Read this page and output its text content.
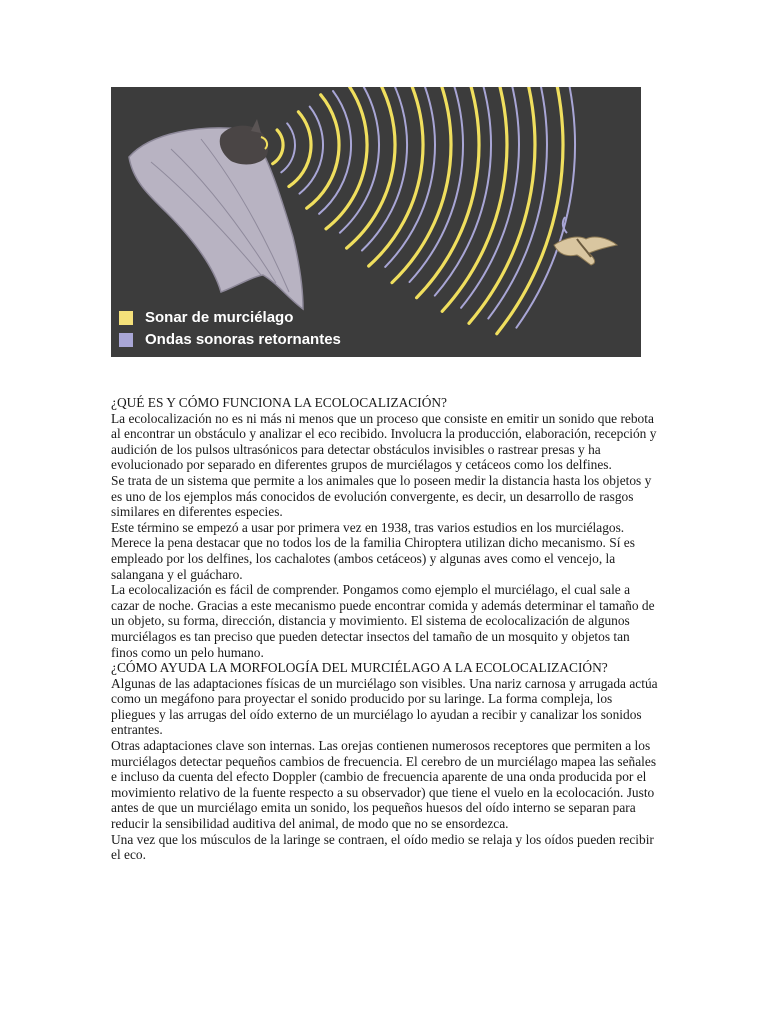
Sonar de murciélago
Ondas sonoras retornantes

¿QUÉ ES Y CÓMO FUNCIONA LA ECOLOCALIZACIÓN?

La ecolocalización no es ni más ni menos que un proceso que consiste en emitir un sonido que rebota al encontrar un obstáculo y analizar el eco recibido. Involucra la producción, elaboración, recepción y audición de los pulsos ultrasónicos para detectar obstáculos invisibles o rastrear presas y ha evolucionado por separado en diferentes grupos de murciélagos y cetáceos como los delfines.

Se trata de un sistema que permite a los animales que lo poseen medir la distancia hasta los objetos y es uno de los ejemplos más conocidos de evolución convergente, es decir, un desarrollo de rasgos similares en diferentes especies.

Este término se empezó a usar por primera vez en 1938, tras varios estudios en los murciélagos. Merece la pena destacar que no todos los de la familia Chiroptera utilizan dicho mecanismo. Sí es empleado por los delfines, los cachalotes (ambos cetáceos) y algunas aves como el vencejo, la salangana y el guácharo.

La ecolocalización es fácil de comprender. Pongamos como ejemplo el murciélago, el cual sale a cazar de noche. Gracias a este mecanismo puede encontrar comida y además determinar el tamaño de un objeto, su forma, dirección, distancia y movimiento. El sistema de ecolocalización de algunos murciélagos es tan preciso que pueden detectar insectos del tamaño de un mosquito y objetos tan finos como un pelo humano.

¿CÓMO AYUDA LA MORFOLOGÍA DEL MURCIÉLAGO A LA ECOLOCALIZACIÓN?

Algunas de las adaptaciones físicas de un murciélago son visibles. Una nariz carnosa y arrugada actúa como un megáfono para proyectar el sonido producido por su laringe. La forma compleja, los pliegues y las arrugas del oído externo de un murciélago lo ayudan a recibir y canalizar los sonidos entrantes.

Otras adaptaciones clave son internas. Las orejas contienen numerosos receptores que permiten a los murciélagos detectar pequeños cambios de frecuencia. El cerebro de un murciélago mapea las señales e incluso da cuenta del efecto Doppler (cambio de frecuencia aparente de una onda producida por el movimiento relativo de la fuente respecto a su observador) que tiene el vuelo en la ecolocación. Justo antes de que un murciélago emita un sonido, los pequeños huesos del oído interno se separan para reducir la sensibilidad auditiva del animal, de modo que no se ensordezca.

Una vez que los músculos de la laringe se contraen, el oído medio se relaja y los oídos pueden recibir el eco.
